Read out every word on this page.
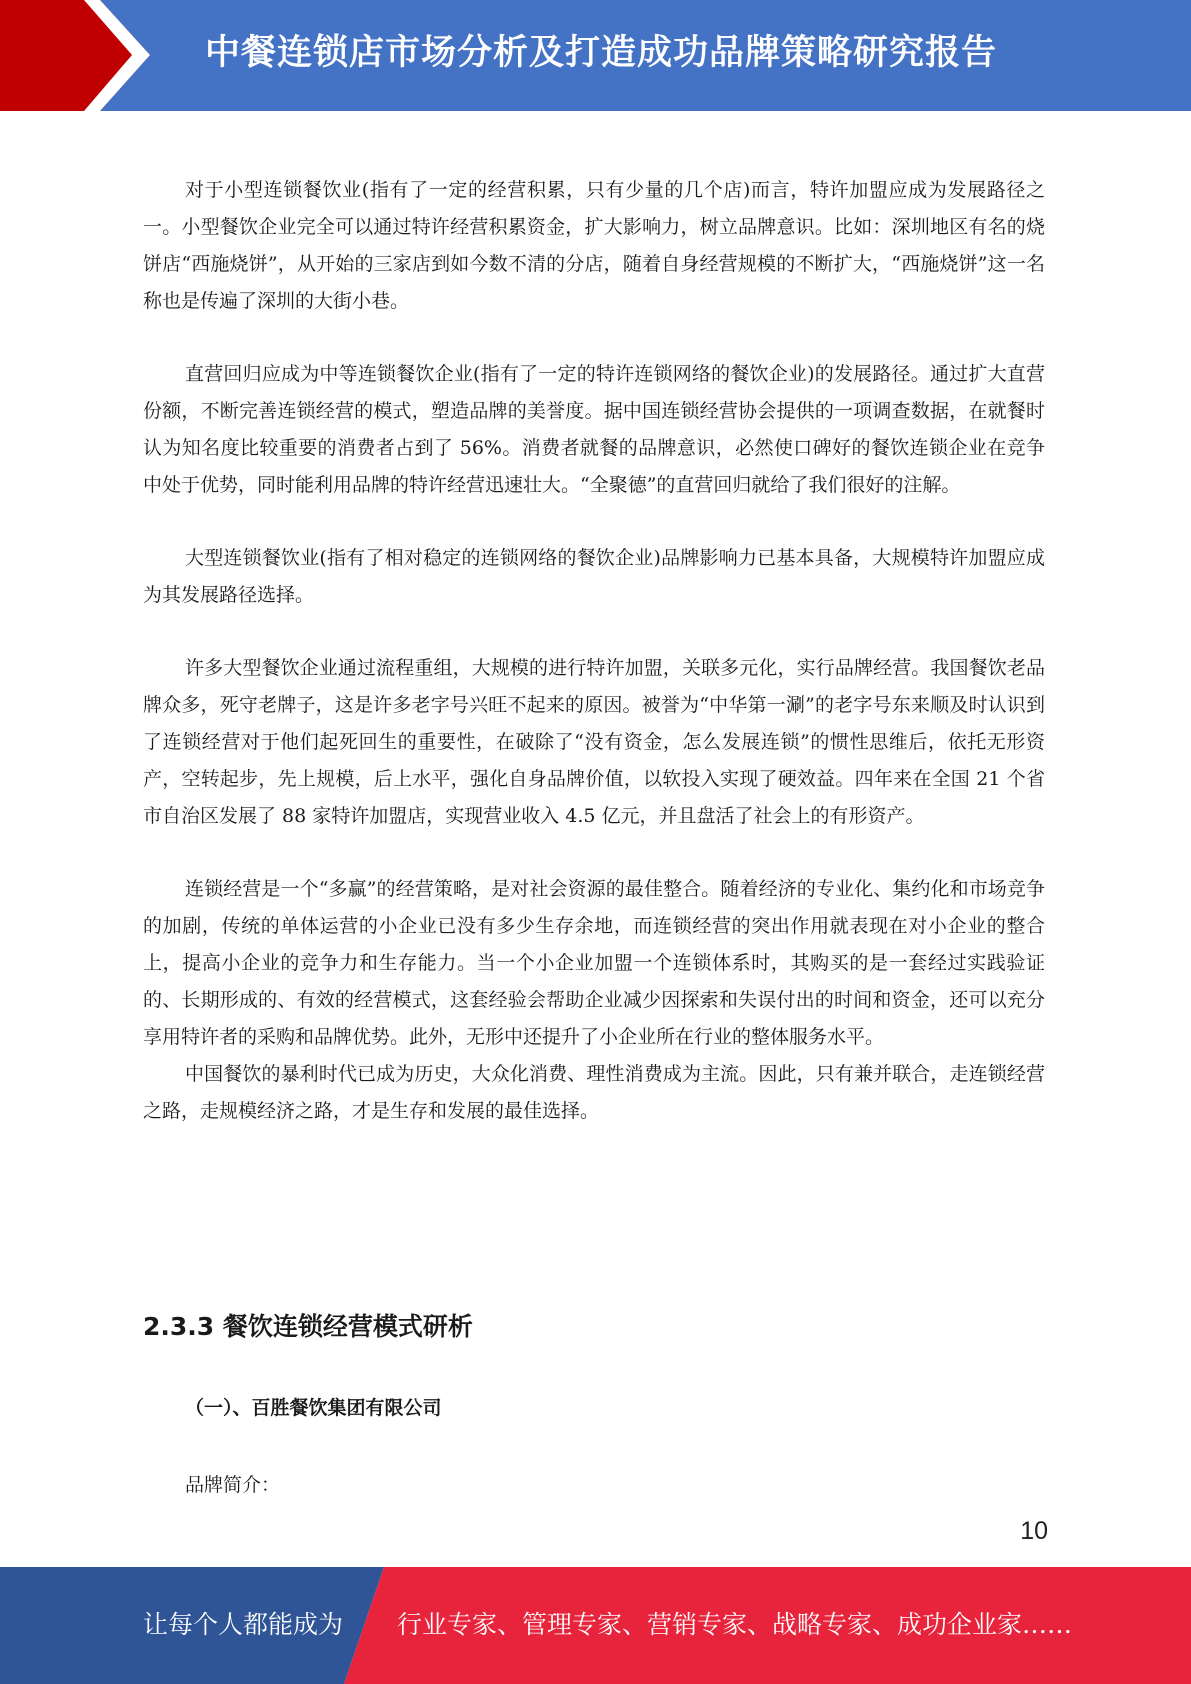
中餐连锁店市场分析及打造成功品牌策略研究报告

对于小型连锁餐饮业(指有了一定的经营积累，只有少量的几个店)而言，特许加盟应成为发展路径之一。小型餐饮企业完全可以通过特许经营积累资金，扩大影响力，树立品牌意识。比如：深圳地区有名的烧饼店“西施烧饼”，从开始的三家店到如今数不清的分店，随着自身经营规模的不断扩大，“西施烧饼”这一名称也是传遍了深圳的大街小巷。

直营回归应成为中等连锁餐饮企业(指有了一定的特许连锁网络的餐饮企业)的发展路径。通过扩大直营份额，不断完善连锁经营的模式，塑造品牌的美誉度。据中国连锁经营协会提供的一项调查数据，在就餐时认为知名度比较重要的消费者占到了 56%。消费者就餐的品牌意识，必然使口碑好的餐饮连锁企业在竞争中处于优势，同时能利用品牌的特许经营迅速壮大。“全聚德”的直营回归就给了我们很好的注解。

大型连锁餐饮业(指有了相对稳定的连锁网络的餐饮企业)品牌影响力已基本具备，大规模特许加盟应成为其发展路径选择。

许多大型餐饮企业通过流程重组，大规模的进行特许加盟，关联多元化，实行品牌经营。我国餐饮老品牌众多，死守老牌子，这是许多老字号兴旺不起来的原因。被誉为“中华第一涮”的老字号东来顺及时认识到了连锁经营对于他们起死回生的重要性，在破除了“没有资金，怎么发展连锁”的惯性思维后，依托无形资产，空转起步，先上规模，后上水平，强化自身品牌价值，以软投入实现了硬效益。四年来在全国 21 个省市自治区发展了 88 家特许加盟店，实现营业收入 4.5 亿元，并且盘活了社会上的有形资产。

连锁经营是一个“多赢”的经营策略，是对社会资源的最佳整合。随着经济的专业化、集约化和市场竞争的加剧，传统的单体运营的小企业已没有多少生存余地，而连锁经营的突出作用就表现在对小企业的整合上，提高小企业的竞争力和生存能力。当一个小企业加盟一个连锁体系时，其购买的是一套经过实践验证的、长期形成的、有效的经营模式，这套经验会帮助企业减少因探索和失误付出的时间和资金，还可以充分享用特许者的采购和品牌优势。此外，无形中还提升了小企业所在行业的整体服务水平。

中国餐饮的暴利时代已成为历史，大众化消费、理性消费成为主流。因此，只有兼并联合，走连锁经营之路，走规模经济之路，才是生存和发展的最佳选择。

2.3.3 餐饮连锁经营模式研析
（一）、百胜餐饮集团有限公司

品牌简介：

10
让每个人都能成为 行业专家、管理专家、营销专家、战略专家、成功企业家……
